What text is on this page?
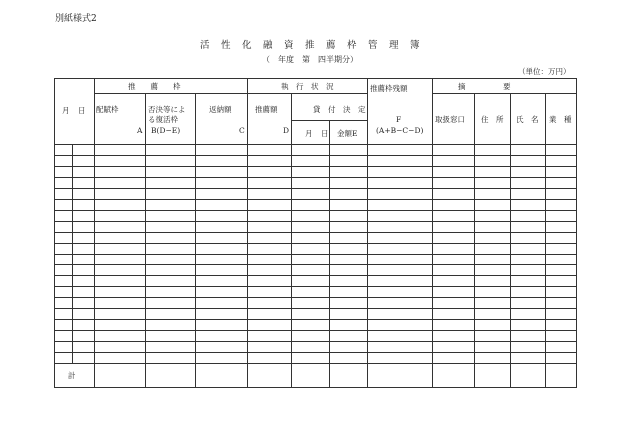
別紙様式2
活性化融資推薦枠管理簿
（　年度　第　四半期分）
（単位：万円）
月 日
推　　薦　　枠
配賦枠
A
否決等によ
る復活枠
B(D−E)
返納額
C
執　行　状　況
推薦額
D
貸　付　決　定
月 日 金額E
推薦枠残額
F
(A+B−C−D)
摘　　　　　要
取扱窓口 住　所 氏　名 業　種
計
